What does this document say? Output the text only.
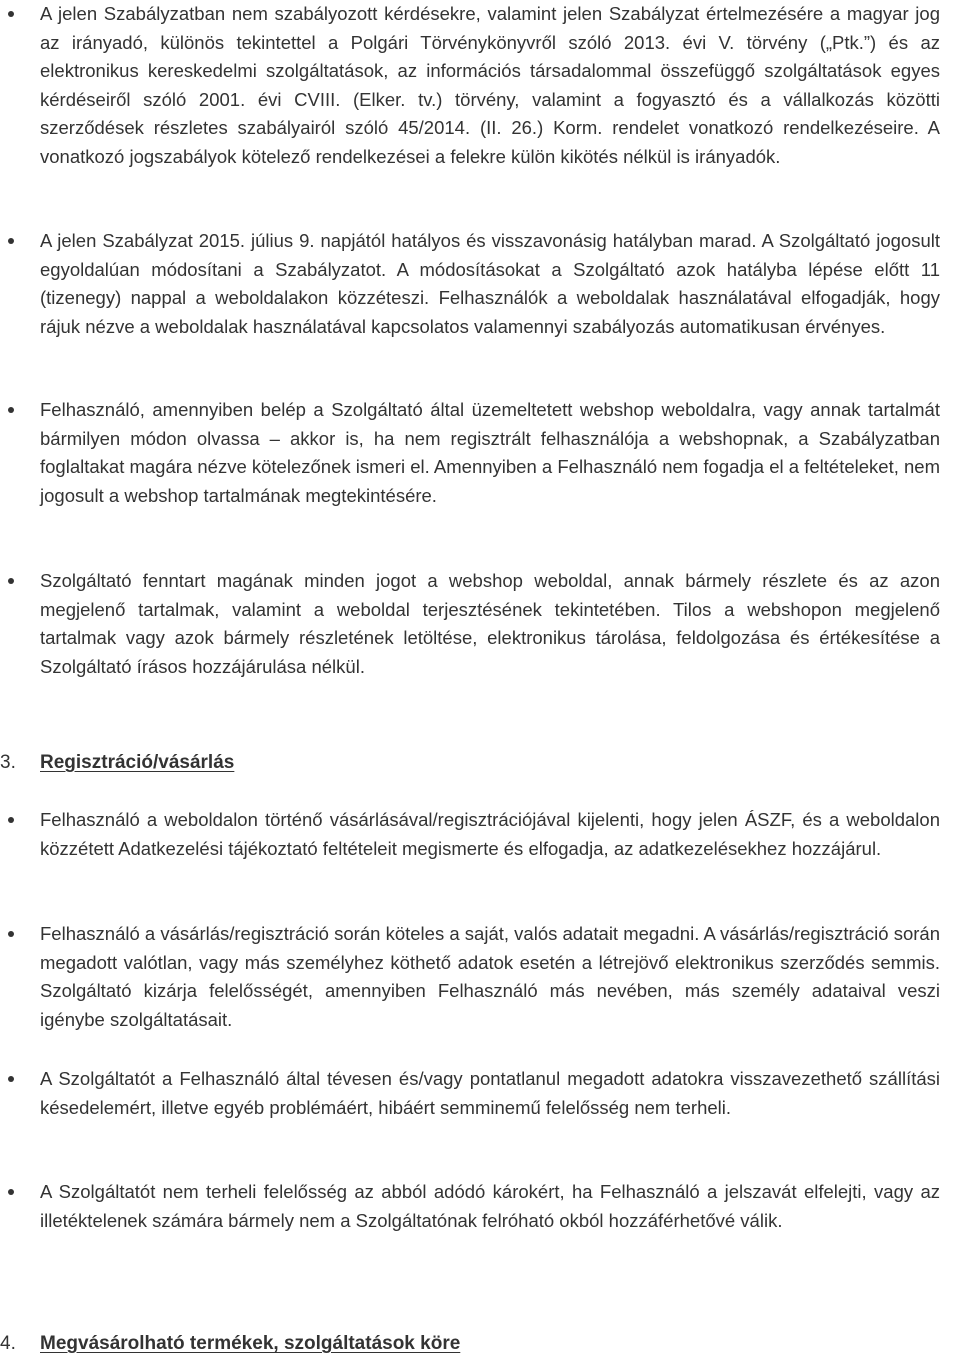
A jelen Szabályzatban nem szabályozott kérdésekre, valamint jelen Szabályzat értelmezésére a magyar jog az irányadó, különös tekintettel a Polgári Törvénykönyvről szóló 2013. évi V. törvény („Ptk.”) és az elektronikus kereskedelmi szolgáltatások, az információs társadalommal összefüggő szolgáltatások egyes kérdéseiről szóló 2001. évi CVIII. (Elker. tv.) törvény, valamint a fogyasztó és a vállalkozás közötti szerződések részletes szabályairól szóló 45/2014. (II. 26.) Korm. rendelet vonatkozó rendelkezéseire. A vonatkozó jogszabályok kötelező rendelkezései a felekre külön kikötés nélkül is irányadók.

A jelen Szabályzat 2015. július 9. napjától hatályos és visszavonásig hatályban marad. A Szolgáltató jogosult egyoldalúan módosítani a Szabályzatot. A módosításokat a Szolgáltató azok hatályba lépése előtt 11 (tizenegy) nappal a weboldalakon közzéteszi. Felhasználók a weboldalak használatával elfogadják, hogy rájuk nézve a weboldalak használatával kapcsolatos valamennyi szabályozás automatikusan érvényes.

Felhasználó, amennyiben belép a Szolgáltató által üzemeltetett webshop weboldalra, vagy annak tartalmát bármilyen módon olvassa – akkor is, ha nem regisztrált felhasználója a webshopnak, a Szabályzatban foglaltakat magára nézve kötelezőnek ismeri el. Amennyiben a Felhasználó nem fogadja el a feltételeket, nem jogosult a webshop tartalmának megtekintésére.

Szolgáltató fenntart magának minden jogot a webshop weboldal, annak bármely részlete és az azon megjelenő tartalmak, valamint a weboldal terjesztésének tekintetében. Tilos a webshopon megjelenő tartalmak vagy azok bármely részletének letöltése, elektronikus tárolása, feldolgozása és értékesítése a Szolgáltató írásos hozzájárulása nélkül.

3. Regisztráció/vásárlás

Felhasználó a weboldalon történő vásárlásával/regisztrációjával kijelenti, hogy jelen ÁSZF, és a weboldalon közzétett Adatkezelési tájékoztató feltételeit megismerte és elfogadja, az adatkezelésekhez hozzájárul.

Felhasználó a vásárlás/regisztráció során köteles a saját, valós adatait megadni. A vásárlás/regisztráció során megadott valótlan, vagy más személyhez köthető adatok esetén a létrejövő elektronikus szerződés semmis. Szolgáltató kizárja felelősségét, amennyiben Felhasználó más nevében, más személy adataival veszi igénybe szolgáltatásait.

A Szolgáltatót a Felhasználó által tévesen és/vagy pontatlanul megadott adatokra visszavezethető szállítási késedelemért, illetve egyéb problémáért, hibáért semminemű felelősség nem terheli.

A Szolgáltatót nem terheli felelősség az abból adódó károkért, ha Felhasználó a jelszavát elfelejti, vagy az illetéktelenek számára bármely nem a Szolgáltatónak felróható okból hozzáférhetővé válik.

4. Megvásárolható termékek, szolgáltatások köre
